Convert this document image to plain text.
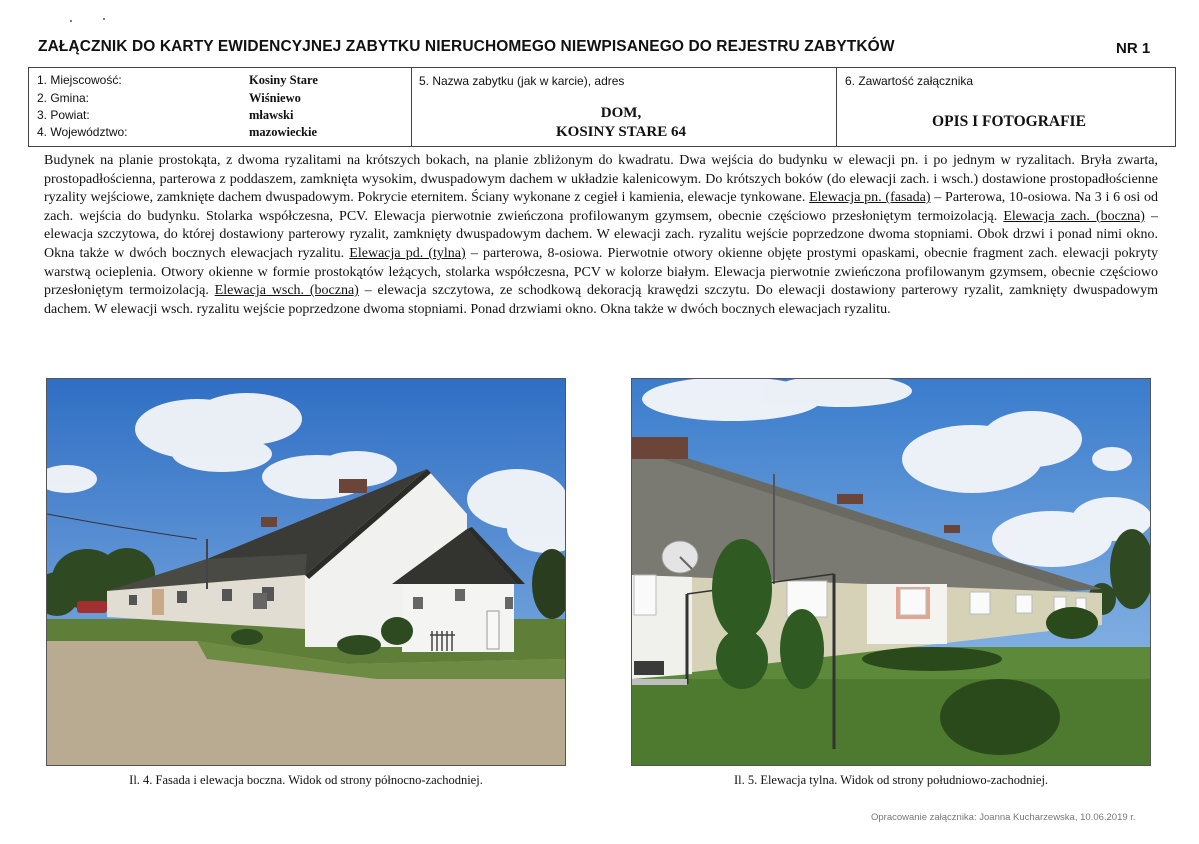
ZAŁĄCZNIK DO KARTY EWIDENCYJNEJ ZABYTKU NIERUCHOMEGO NIEWPISANEGO DO REJESTRU ZABYTKÓW	NR 1
1. Miejscowość:	Kosiny Stare
2. Gmina:	Wiśniewo
3. Powiat:	mławski
4. Województwo:	mazowieckie
5. Nazwa zabytku (jak w karcie), adres
DOM,
KOSINY STARE 64
6. Zawartość załącznika
OPIS I FOTOGRAFIE
Budynek na planie prostokąta, z dwoma ryzalitami na krótszych bokach, na planie zbliżonym do kwadratu. Dwa wejścia do budynku w elewacji pn. i po jednym w ryzalitach. Bryła zwarta, prostopadłościenna, parterowa z poddaszem, zamknięta wysokim, dwuspadowym dachem w układzie kalenicowym. Do krótszych boków (do elewacji zach. i wsch.) dostawione prostopadłościenne ryzality wejściowe, zamknięte dachem dwuspadowym. Pokrycie eternitem. Ściany wykonane z cegieł i kamienia, elewacje tynkowane. Elewacja pn. (fasada) – Parterowa, 10-osiowa. Na 3 i 6 osi od zach. wejścia do budynku. Stolarka współczesna, PCV. Elewacja pierwotnie zwieńczona profilowanym gzymsem, obecnie częściowo przesłoniętym termoizolacją. Elewacja zach. (boczna) – elewacja szczytowa, do której dostawiony parterowy ryzalit, zamknięty dwuspadowym dachem. W elewacji zach. ryzalitu wejście poprzedzone dwoma stopniami. Obok drzwi i ponad nimi okno. Okna także w dwóch bocznych elewacjach ryzalitu. Elewacja pd. (tylna) – parterowa, 8-osiowa. Pierwotnie otwory okienne objęte prostymi opaskami, obecnie fragment zach. elewacji pokryty warstwą ocieplenia. Otwory okienne w formie prostokątów leżących, stolarka współczesna, PCV w kolorze białym. Elewacja pierwotnie zwieńczona profilowanym gzymsem, obecnie częściowo przesłoniętym termoizolacją. Elewacja wsch. (boczna) – elewacja szczytowa, ze schodkową dekoracją krawędzi szczytu. Do elewacji dostawiony parterowy ryzalit, zamknięty dwuspadowym dachem. W elewacji wsch. ryzalitu wejście poprzedzone dwoma stopniami. Ponad drzwiami okno. Okna także w dwóch bocznych elewacjach ryzalitu.
Il. 4. Fasada i elewacja boczna. Widok od strony północno-zachodniej.	Il. 5. Elewacja tylna. Widok od strony południowo-zachodniej.
Opracowanie załącznika: Joanna Kucharzewska, 10.06.2019 r.
